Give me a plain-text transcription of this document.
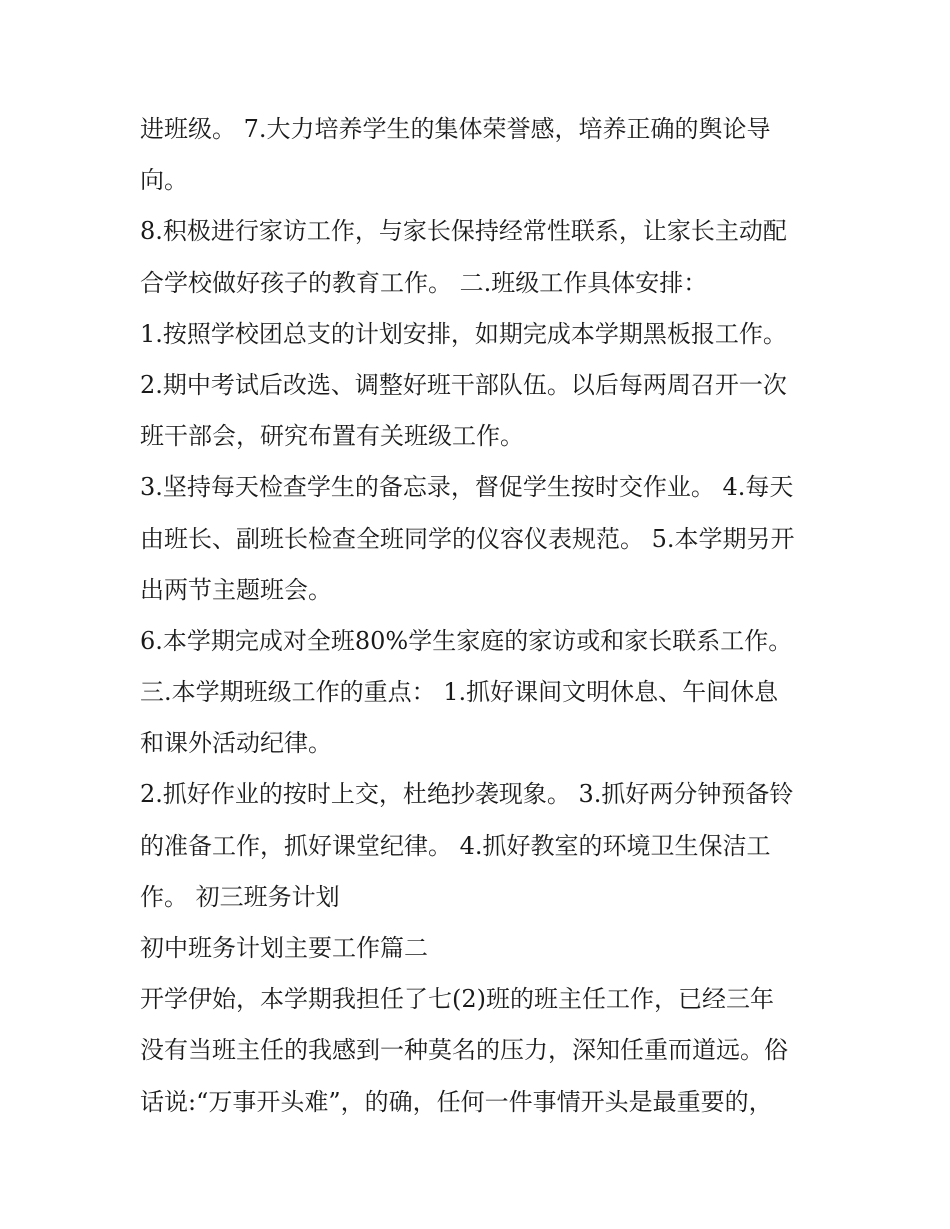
进班级。 7.大力培养学生的集体荣誉感，培养正确的舆论导
向。
8.积极进行家访工作，与家长保持经常性联系，让家长主动配
合学校做好孩子的教育工作。 二.班级工作具体安排：
1.按照学校团总支的计划安排，如期完成本学期黑板报工作。
2.期中考试后改选、调整好班干部队伍。以后每两周召开一次
班干部会，研究布置有关班级工作。
3.坚持每天检查学生的备忘录，督促学生按时交作业。 4.每天
由班长、副班长检查全班同学的仪容仪表规范。 5.本学期另开
出两节主题班会。
6.本学期完成对全班80%学生家庭的家访或和家长联系工作。
三.本学期班级工作的重点： 1.抓好课间文明休息、午间休息
和课外活动纪律。
2.抓好作业的按时上交，杜绝抄袭现象。 3.抓好两分钟预备铃
的准备工作，抓好课堂纪律。 4.抓好教室的环境卫生保洁工
作。 初三班务计划
初中班务计划主要工作篇二
开学伊始，本学期我担任了七(2)班的班主任工作，已经三年
没有当班主任的我感到一种莫名的压力，深知任重而道远。俗
话说:“万事开头难”，的确，任何一件事情开头是最重要的，
